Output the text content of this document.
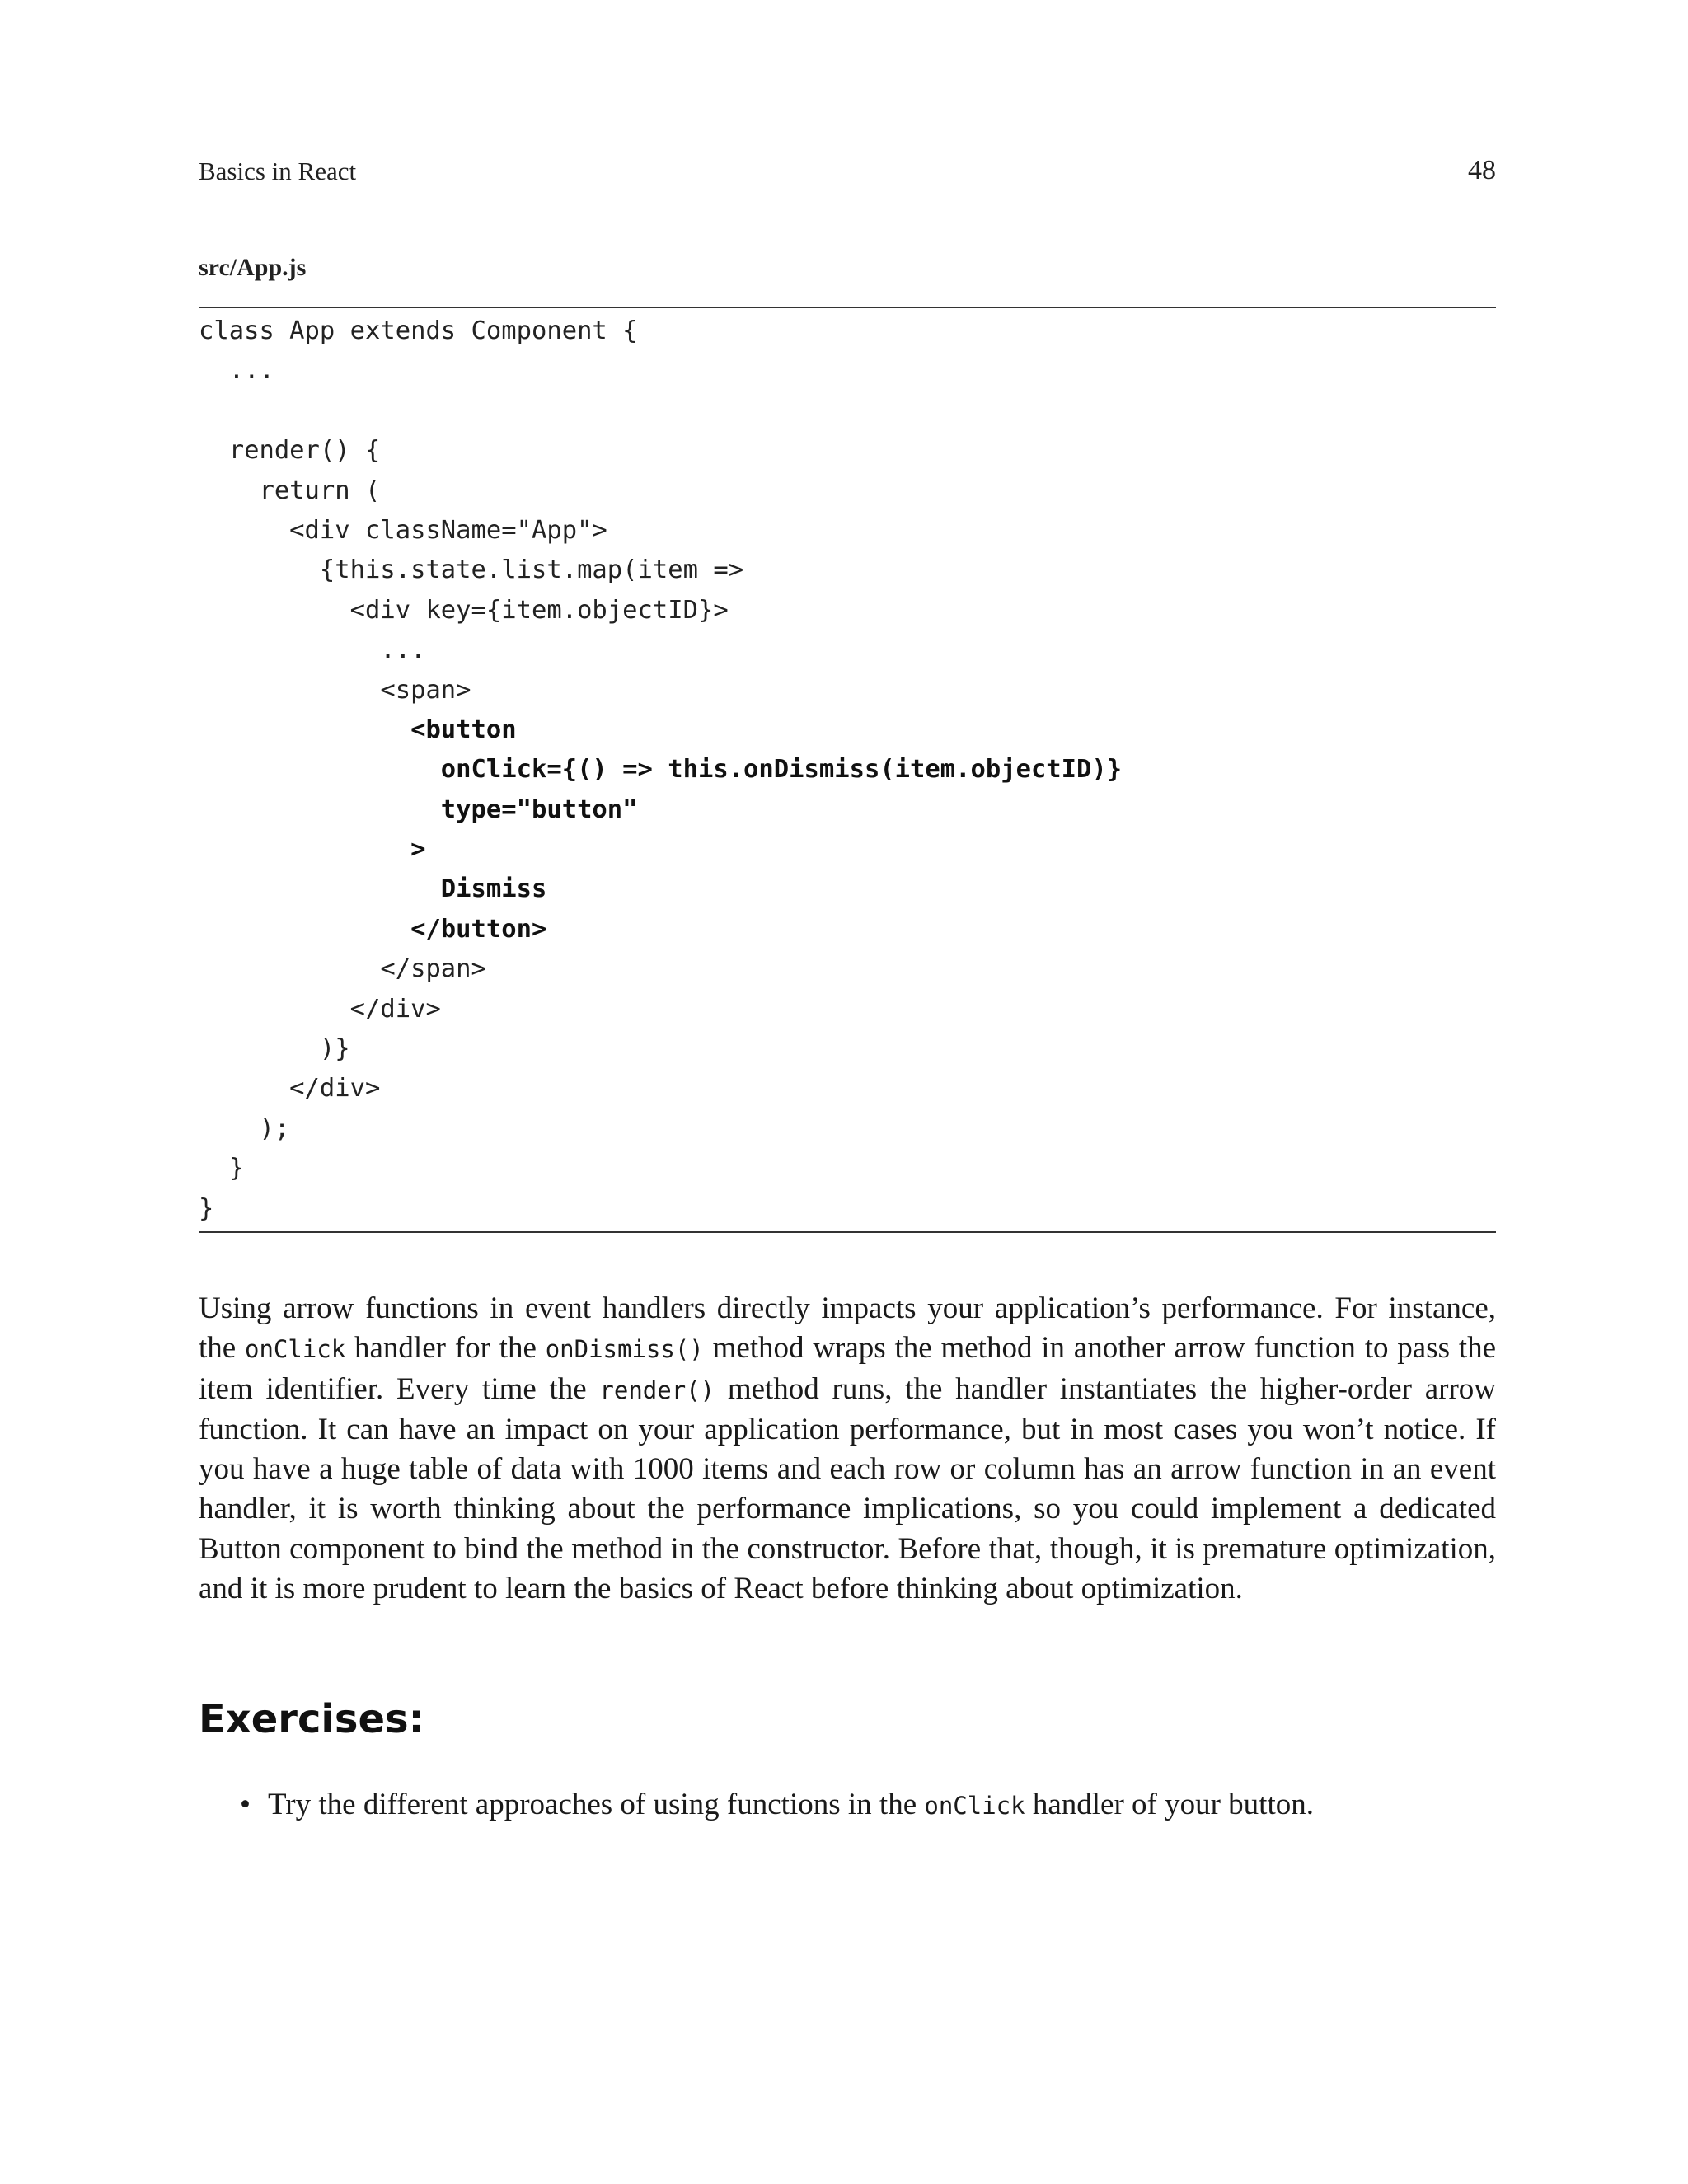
Basics in React	48
src/App.js
class App extends Component {
...
render() {
return (
<div className="App">
{this.state.list.map(item =>
<div key={item.objectID}>
...
<span>
<button
onClick={() => this.onDismiss(item.objectID)}
type="button"
>
Dismiss
</button>
</span>
</div>
)}
</div>
);
}
}

Using arrow functions in event handlers directly impacts your application’s performance. For instance, the onClick handler for the onDismiss() method wraps the method in another arrow function to pass the item identifier. Every time the render() method runs, the handler instantiates the higher-order arrow function. It can have an impact on your application performance, but in most cases you won’t notice. If you have a huge table of data with 1000 items and each row or column has an arrow function in an event handler, it is worth thinking about the performance implications, so you could implement a dedicated Button component to bind the method in the constructor. Before that, though, it is premature optimization, and it is more prudent to learn the basics of React before thinking about optimization.

Exercises:
• Try the different approaches of using functions in the onClick handler of your button.
